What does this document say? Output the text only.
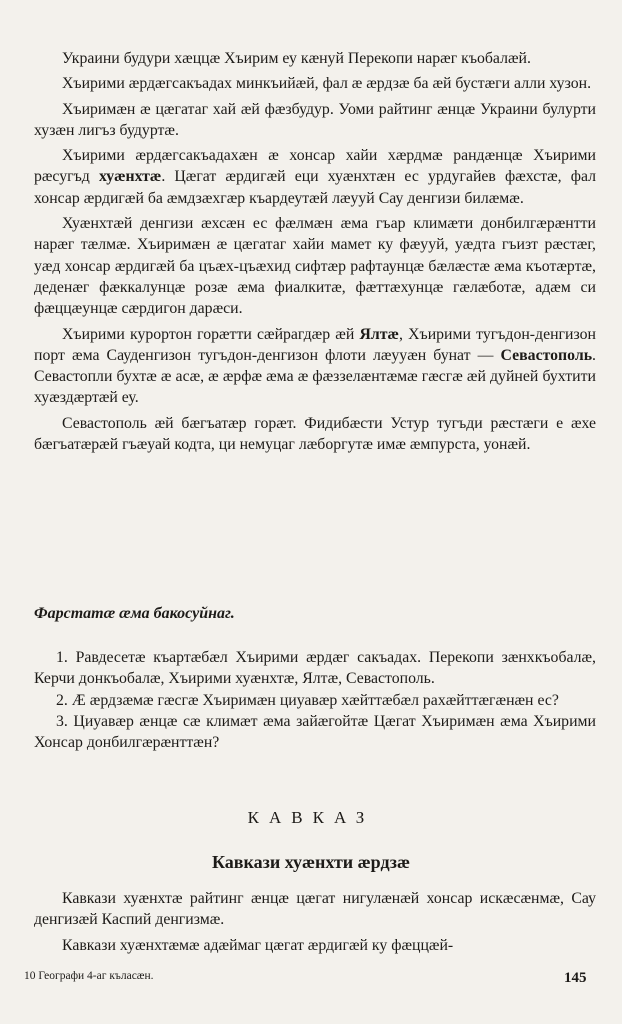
Украини будури хæццæ Хъирим еу кæнуй Перекопи нарæг къобалæй.

Хъирими æрдæгсакъадах минкъийæй, фал æ æрдзæ ба æй бустæги алли хузон.

Хъиримæн æ цæгатаг хай æй фæзбудур. Уоми райтинг æнцæ Украини булурти хузæн лигъз будуртæ.

Хъирими æрдæгсакъадахæн æ хонсар хайи хæрдмæ рандæнцæ Хъирими рæсугъд хуæнхтæ. Цæгат æрдигæй еци хуæнхтæн ес урдугайев фæхстæ, фал хонсар æрдигæй ба æмдзæхгæр къардеутæй лæууй Сау денгизи билæмæ.

Хуæнхтæй денгизи æхсæн ес фæлмæн æма гъар климæти донбилгæрæнтти нарæг тæлмæ. Хъиримæн æ цæгатаг хайи мамет ку фæууй, уæдта гъизт рæстæг, уæд хонсар æрдигæй ба цъæх-цъæхид сифтæр рафтаунцæ бæлæстæ æма къотæртæ, деденæг фæккалунцæ розæ æма фиалкитæ, фæттæхунцæ гæлæботæ, адæм си фæццæунцæ сæрдигон дарæси.

Хъирими курортон горæтти сæйрагдæр æй Ялтæ, Хъирими тугъдон-денгизон порт æма Сауденгизон тугъдон-денгизон флоти лæууæн бунат — Севастополь. Севастопли бухтæ æ асæ, æ æрфæ æма æ фæззелæнтæмæ гæсгæ æй дуйней бухтити хуæздæртæй еу.

Севастополь æй бæгъатæр горæт. Фидибæсти Устур тугъди рæстæги е æхе бæгъатæрæй гъæуай кодта, ци немуцаг лæборгутæ имæ æмпурста, уонæй.

Фарстатæ æма бакосуйнаг.

1. Равдесетæ къартæбæл Хъирими æрдæг сакъадах. Перекопи зæнхкъобалæ, Керчи донкъобалæ, Хъирими хуæнхтæ, Ялтæ, Севастополь.

2. Æ æрдзæмæ гæсгæ Хъиримæн циуавæр хæйттæбæл рахæйттæгæнæн ес?

3. Циуавæр æнцæ сæ климæт æма зайæгойтæ Цæгат Хъиримæн æма Хъирими Хонсар донбилгæрæнттæн?

КАВКАЗ
Кавкази хуæнхти æрдзæ

Кавкази хуæнхтæ райтинг æнцæ цæгат нигулæнæй хонсар искæсæнмæ, Сау денгизæй Каспий денгизмæ.

Кавкази хуæнхтæмæ адæймаг цæгат æрдигæй ку фæццæй-

10 Географи 4-аг къласæн.	145
